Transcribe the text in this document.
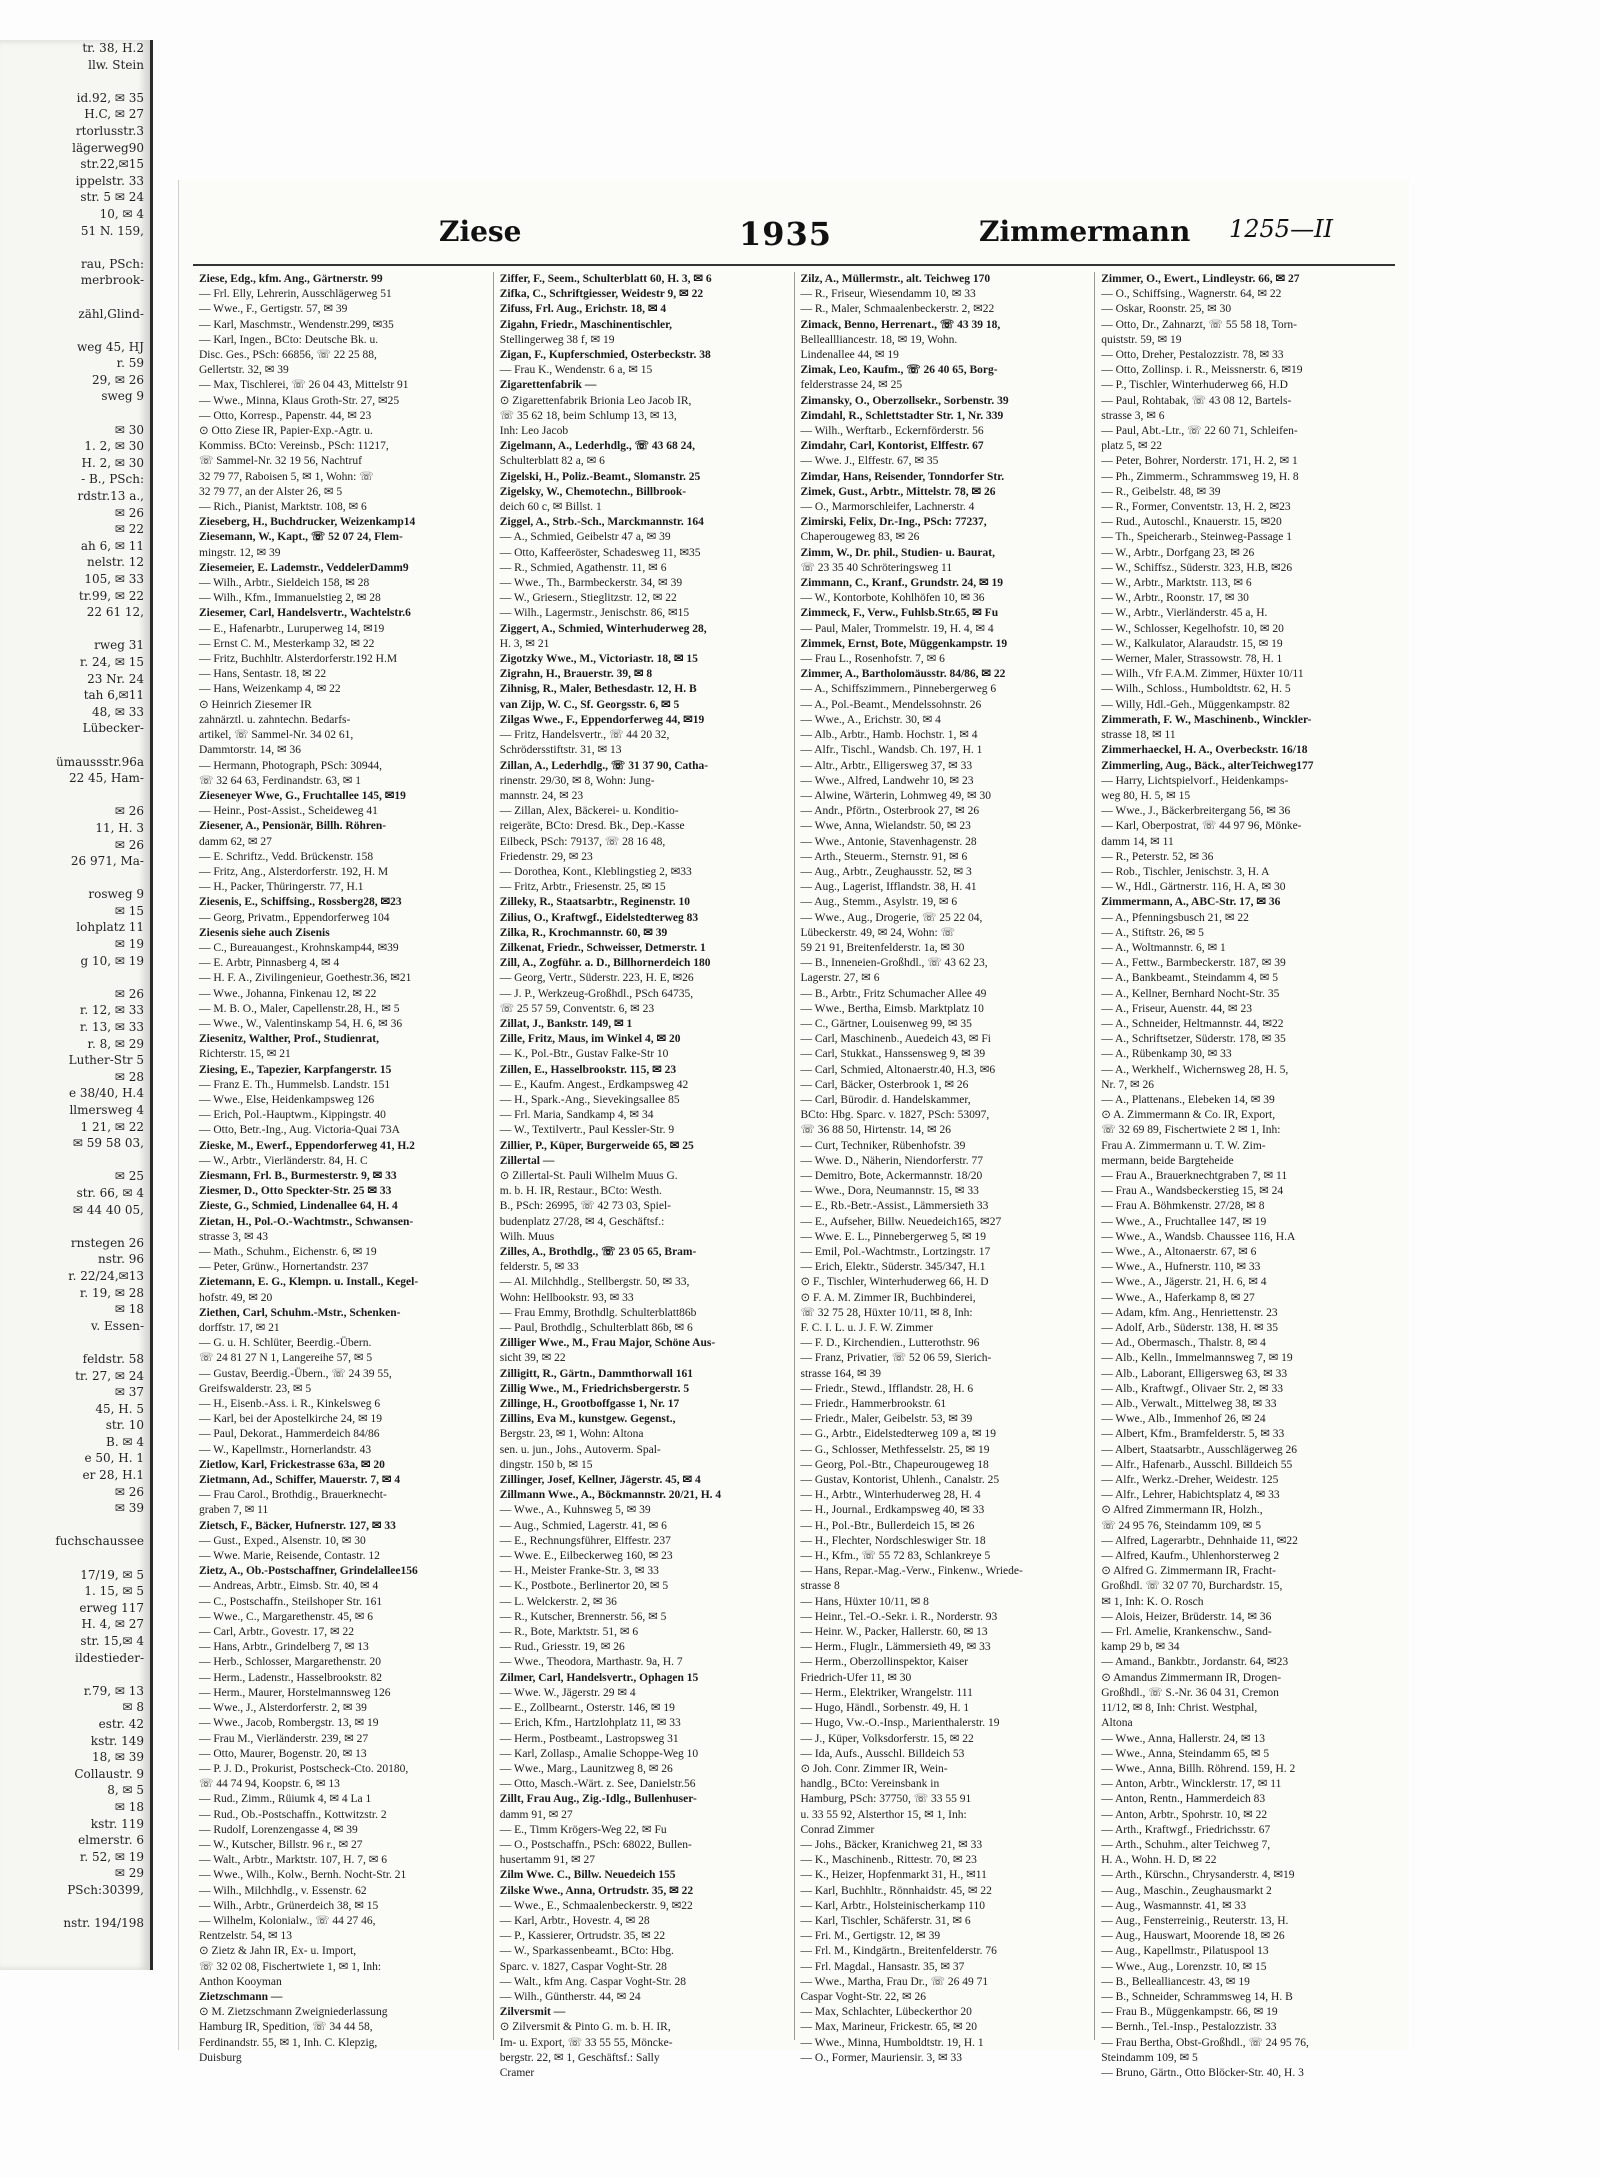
tr. 38, H.2
llw. Stein

id.92, ✉ 35
H.C, ✉ 27
rtorlusstr.3
lägerweg90
str.22,✉15
ippelstr. 33
str. 5 ✉ 24
10, ✉ 4
51 N. 159,

rau, PSch:
merbrook-

zähl,Glind-

weg 45, HJ
r. 59
29, ✉ 26
sweg 9

✉ 30
1. 2, ✉ 30
H. 2, ✉ 30
- B., PSch:
rdstr.13 a.,
✉ 26
✉ 22
ah 6, ✉ 11
nelstr. 12
105, ✉ 33
tr.99, ✉ 22
22 61 12,

rweg 31
r. 24, ✉ 15
23 Nr. 24
tah 6,✉11
48, ✉ 33
Lübecker-

ümaussstr.96a
22 45, Ham-

✉ 26
11, H. 3
✉ 26
26 971, Ma-

rosweg 9
✉ 15
lohplatz 11
✉ 19
g 10, ✉ 19

✉ 26
r. 12, ✉ 33
r. 13, ✉ 33
r. 8, ✉ 29
Luther-Str 5
✉ 28
e 38/40, H.4
llmersweg 4
1 21, ✉ 22
✉ 59 58 03,

✉ 25
str. 66, ✉ 4
✉ 44 40 05,

rnstegen 26
nstr. 96
r. 22/24,✉13
r. 19, ✉ 28
✉ 18
v. Essen-

feldstr. 58
tr. 27, ✉ 24
✉ 37
45, H. 5
str. 10
B. ✉ 4
e 50, H. 1
er 28, H.1
✉ 26
✉ 39

fuchschaussee

17/19, ✉ 5
1. 15, ✉ 5
erweg 117
H. 4, ✉ 27
str. 15,✉ 4
ildestieder-

r.79, ✉ 13
✉ 8
estr. 42
kstr. 149
18, ✉ 39
Collaustr. 9
8, ✉ 5
✉ 18
kstr. 119
elmerstr. 6
r. 52, ✉ 19
✉ 29
PSch:30399,

nstr. 194/198
Ziese	1935	Zimmermann 1255—II
Ziese, Edg., kfm. Ang., Gärtnerstr. 99
— Frl. Elly, Lehrerin, Ausschlägerweg 51
— Wwe., F., Gertigstr. 57, ✉ 39
— Karl, Maschmstr., Wendenstr.299, ✉35
— Karl, Ingen., BCto: Deutsche Bk. u.
Disc. Ges., PSch: 66856, ☏ 22 25 88,
Gellertstr. 32, ✉ 39
— Max, Tischlerei, ☏ 26 04 43, Mittelstr 91
— Wwe., Minna, Klaus Groth-Str. 27, ✉25
— Otto, Korresp., Papenstr. 44, ✉ 23
⊙ Otto Ziese IR, Papier-Exp.-Agtr. u.
Kommiss. BCto: Vereinsb., PSch: 11217,
☏ Sammel-Nr. 32 19 56, Nachtruf
32 79 77, Raboisen 5, ✉ 1, Wohn: ☏
32 79 77, an der Alster 26, ✉ 5
— Rich., Pianist, Marktstr. 108, ✉ 6
Zieseberg, H., Buchdrucker, Weizenkamp14
Ziesemann, W., Kapt., ☏ 52 07 24, Flem-
mingstr. 12, ✉ 39
Ziesemeier, E. Lademstr., VeddelerDamm9
— Wilh., Arbtr., Sieldeich 158, ✉ 28
— Wilh., Kfm., Immanuelstieg 2, ✉ 28
Ziesemer, Carl, Handelsvertr., Wachtelstr.6
— E., Hafenarbtr., Luruperweg 14, ✉19
— Ernst C. M., Mesterkamp 32, ✉ 22
— Fritz, Buchhltr. Alsterdorferstr.192 H.M
— Hans, Sentastr. 18, ✉ 22
— Hans, Weizenkamp 4, ✉ 22
⊙ Heinrich Ziesemer IR
zahnärztl. u. zahntechn. Bedarfs-
artikel, ☏ Sammel-Nr. 34 02 61,
Dammtorstr. 14, ✉ 36
— Hermann, Photograph, PSch: 30944,
☏ 32 64 63, Ferdinandstr. 63, ✉ 1
Zieseneyer Wwe, G., Fruchtallee 145, ✉19
— Heinr., Post-Assist., Scheideweg 41
Ziesener, A., Pensionär, Billh. Röhren-
damm 62, ✉ 27
— E. Schriftz., Vedd. Brückenstr. 158
— Fritz, Ang., Alsterdorferstr. 192, H. M
— H., Packer, Thüringerstr. 77, H.1
Ziesenis, E., Schiffsing., Rossberg28, ✉23
— Georg, Privatm., Eppendorferweg 104
Ziesenis siehe auch Zisenis
— C., Bureauangest., Krohnskamp44, ✉39
— E. Arbtr, Pinnasberg 4, ✉ 4
— H. F. A., Zivilingenieur, Goethestr.36, ✉21
— Wwe., Johanna, Finkenau 12, ✉ 22
— M. B. O., Maler, Capellenstr.28, H., ✉ 5
— Wwe., W., Valentinskamp 54, H. 6, ✉ 36
Ziesenitz, Walther, Prof., Studienrat,
Richterstr. 15, ✉ 21
Ziesing, E., Tapezier, Karpfangerstr. 15
— Franz E. Th., Hummelsb. Landstr. 151
— Wwe., Else, Heidenkampsweg 126
— Erich, Pol.-Hauptwm., Kippingstr. 40
— Otto, Betr.-Ing., Aug. Victoria-Quai 73A
Zieske, M., Ewerf., Eppendorferweg 41, H.2
— W., Arbtr., Vierländerstr. 84, H. C
Ziesmann, Frl. B., Burmesterstr. 9, ✉ 33
Ziesmer, D., Otto Speckter-Str. 25 ✉ 33
Zieste, G., Schmied, Lindenallee 64, H. 4
Zietan, H., Pol.-O.-Wachtmstr., Schwansen-
strasse 3, ✉ 43
— Math., Schuhm., Eichenstr. 6, ✉ 19
— Peter, Grünw., Hornertandstr. 237
Zietemann, E. G., Klempn. u. Install., Kegel-
hofstr. 49, ✉ 20
Ziethen, Carl, Schuhm.-Mstr., Schenken-
dorffstr. 17, ✉ 21
— G. u. H. Schlüter, Beerdig.-Übern.
☏ 24 81 27 N 1, Langereihe 57, ✉ 5
— Gustav, Beerdig.-Übern., ☏ 24 39 55,
Greifswalderstr. 23, ✉ 5
— H., Eisenb.-Ass. i. R., Kinkelsweg 6
— Karl, bei der Apostelkirche 24, ✉ 19
— Paul, Dekorat., Hammerdeich 84/86
— W., Kapellmstr., Hornerlandstr. 43
Zietlow, Karl, Frickestrasse 63a, ✉ 20
Zietmann, Ad., Schiffer, Mauerstr. 7, ✉ 4
— Frau Carol., Brothdig., Brauerknecht-
graben 7, ✉ 11
Zietsch, F., Bäcker, Hufnerstr. 127, ✉ 33
— Gust., Exped., Alsenstr. 10, ✉ 30
— Wwe. Marie, Reisende, Contastr. 12
Zietz, A., Ob.-Postschaffner, Grindelallee156
— Andreas, Arbtr., Eimsb. Str. 40, ✉ 4
— C., Postschaffn., Steilshoper Str. 161
— Wwe., C., Margarethenstr. 45, ✉ 6
— Carl, Arbtr., Govestr. 17, ✉ 22
— Hans, Arbtr., Grindelberg 7, ✉ 13
— Herb., Schlosser, Margarethenstr. 20
— Herm., Ladenstr., Hasselbrookstr. 82
— Herm., Maurer, Horstelmannsweg 126
— Wwe., J., Alsterdorferstr. 2, ✉ 39
— Wwe., Jacob, Rombergstr. 13, ✉ 19
— Frau M., Vierländerstr. 239, ✉ 27
— Otto, Maurer, Bogenstr. 20, ✉ 13
— P. J. D., Prokurist, Postscheck-Cto. 20180,
☏ 44 74 94, Koopstr. 6, ✉ 13
— Rud., Zimm., Rüiumk 4, ✉ 4 La 1
— Rud., Ob.-Postschaffn., Kottwitzstr. 2
— Rudolf, Lorenzengasse 4, ✉ 39
— W., Kutscher, Billstr. 96 r., ✉ 27
— Walt., Arbtr., Marktstr. 107, H. 7, ✉ 6
— Wwe., Wilh., Kolw., Bernh. Nocht-Str. 21
— Wilh., Milchhdlg., v. Essenstr. 62
— Wilh., Arbtr., Grünerdeich 38, ✉ 15
— Wilhelm, Kolonialw., ☏ 44 27 46,
Rentzelstr. 54, ✉ 13
⊙ Zietz & Jahn IR, Ex- u. Import,
☏ 32 02 08, Fischertwiete 1, ✉ 1, Inh:
Anthon Kooyman
Zietzschmann —
⊙ M. Zietzschmann Zweigniederlassung
Hamburg IR, Spedition, ☏ 34 44 58,
Ferdinandstr. 55, ✉ 1, Inh. C. Klepzig,
Duisburg
Ziffer, F., Seem., Schulterblatt 60, H. 3, ✉ 6
Zifka, C., Schriftgiesser, Weidestr 9, ✉ 22
Zifuss, Frl. Aug., Erichstr. 18, ✉ 4
Zigahn, Friedr., Maschinentischler,
Stellingerweg 38 f, ✉ 19
Zigan, F., Kupferschmied, Osterbeckstr. 38
— Frau K., Wendenstr. 6 a, ✉ 15
Zigarettenfabrik —
⊙ Zigarettenfabrik Brionia Leo Jacob IR,
☏ 35 62 18, beim Schlump 13, ✉ 13,
Inh: Leo Jacob
Zigelmann, A., Lederhdlg., ☏ 43 68 24,
Schulterblatt 82 a, ✉ 6
Zigelski, H., Poliz.-Beamt., Slomanstr. 25
Zigelsky, W., Chemotechn., Billbrook-
deich 60 c, ✉ Billst. 1
Ziggel, A., Strb.-Sch., Marckmannstr. 164
— A., Schmied, Geibelstr 47 a, ✉ 39
— Otto, Kaffeeröster, Schadesweg 11, ✉35
— R., Schmied, Agathenstr. 11, ✉ 6
— Wwe., Th., Barmbeckerstr. 34, ✉ 39
— W., Griesern., Stieglitzstr. 12, ✉ 22
— Wilh., Lagermstr., Jenischstr. 86, ✉15
Ziggert, A., Schmied, Winterhuderweg 28,
H. 3, ✉ 21
Zigotzky Wwe., M., Victoriastr. 18, ✉ 15
Zigrahn, H., Brauerstr. 39, ✉ 8
Zihnisg, R., Maler, Bethesdastr. 12, H. B
van Zijp, W. C., Sf. Georgsstr. 6, ✉ 5
Zilgas Wwe., F., Eppendorferweg 44, ✉19
— Fritz, Handelsvertr., ☏ 44 20 32,
Schrödersstiftstr. 31, ✉ 13
Zillan, A., Lederhdlg., ☏ 31 37 90, Catha-
rinenstr. 29/30, ✉ 8, Wohn: Jung-
mannstr. 24, ✉ 23
— Zillan, Alex, Bäckerei- u. Konditio-
reigeräte, BCto: Dresd. Bk., Dep.-Kasse
Eilbeck, PSch: 79137, ☏ 28 16 48,
Friedenstr. 29, ✉ 23
— Dorothea, Kont., Kleblingstieg 2, ✉33
— Fritz, Arbtr., Friesenstr. 25, ✉ 15
Zilleky, R., Staatsarbtr., Reginenstr. 10
Zilius, O., Kraftwgf., Eidelstedterweg 83
Zilka, R., Krochmannstr. 60, ✉ 39
Zilkenat, Friedr., Schweisser, Detmerstr. 1
Zill, A., Zogführ. a. D., Billhornerdeich 180
— Georg, Vertr., Süderstr. 223, H. E, ✉26
— J. P., Werkzeug-Großhdl., PSch 64735,
☏ 25 57 59, Conventstr. 6, ✉ 23
Zillat, J., Bankstr. 149, ✉ 1
Zille, Fritz, Maus, im Winkel 4, ✉ 20
— K., Pol.-Btr., Gustav Falke-Str 10
Zillen, E., Hasselbrookstr. 115, ✉ 23
— E., Kaufm. Angest., Erdkampsweg 42
— H., Spark.-Ang., Sievekingsallee 85
— Frl. Maria, Sandkamp 4, ✉ 34
— W., Textilvertr., Paul Kessler-Str. 9
Zillier, P., Küper, Burgerweide 65, ✉ 25
Zillertal —
⊙ Zillertal-St. Pauli Wilhelm Muus G.
m. b. H. IR, Restaur., BCto: Westh.
B., PSch: 26995, ☏ 42 73 03, Spiel-
budenplatz 27/28, ✉ 4, Geschäftsf.:
Wilh. Muus
Zilles, A., Brothdlg., ☏ 23 05 65, Bram-
felderstr. 5, ✉ 33
— Al. Milchhdlg., Stellbergstr. 50, ✉ 33,
Wohn: Hellbookstr. 93, ✉ 33
— Frau Emmy, Brothdlg. Schulterblatt86b
— Paul, Brothdlg., Schulterblatt 86b, ✉ 6
Zilliger Wwe., M., Frau Major, Schöne Aus-
sicht 39, ✉ 22
Zilligitt, R., Gärtn., Dammthorwall 161
Zillig Wwe., M., Friedrichsbergerstr. 5
Zillinge, H., Grootboffgasse 1, Nr. 17
Zillins, Eva M., kunstgew. Gegenst.,
Bergstr. 23, ✉ 1, Wohn: Altona
sen. u. jun., Johs., Autoverm. Spal-
dingstr. 150 b, ✉ 15
Zillinger, Josef, Kellner, Jägerstr. 45, ✉ 4
Zillmann Wwe., A., Böckmannstr. 20/21, H. 4
— Wwe., A., Kuhnsweg 5, ✉ 39
— Aug., Schmied, Lagerstr. 41, ✉ 6
— E., Rechnungsführer, Elffestr. 237
— Wwe. E., Eilbeckerweg 160, ✉ 23
— H., Meister Franke-Str. 3, ✉ 33
— K., Postbote., Berlinertor 20, ✉ 5
— L. Welckerstr. 2, ✉ 36
— R., Kutscher, Brennerstr. 56, ✉ 5
— R., Bote, Marktstr. 51, ✉ 6
— Rud., Griesstr. 19, ✉ 26
— Wwe., Theodora, Marthastr. 9a, H. 7
Zilmer, Carl, Handelsvertr., Ophagen 15
— Wwe. W., Jägerstr. 29 ✉ 4
— E., Zollbearnt., Osterstr. 146, ✉ 19
— Erich, Kfm., Hartzlohplatz 11, ✉ 33
— Herm., Postbeamt., Lastropsweg 31
— Karl, Zollasp., Amalie Schoppe-Weg 10
— Wwe., Marg., Launitzweg 8, ✉ 26
— Otto, Masch.-Wärt. z. See, Danielstr.56
Zillt, Frau Aug., Zig.-Idlg., Bullenhuser-
damm 91, ✉ 27
— E., Timm Krögers-Weg 22, ✉ Fu
— O., Postschaffn., PSch: 68022, Bullen-
husertamm 91, ✉ 27
Zilm Wwe. C., Billw. Neuedeich 155
Zilske Wwe., Anna, Ortrudstr. 35, ✉ 22
— Wwe., E., Schmaalenbeckerstr. 9, ✉22
— Karl, Arbtr., Hovestr. 4, ✉ 28
— P., Kassierer, Ortrudstr. 35, ✉ 22
— W., Sparkassenbeamt., BCto: Hbg.
Sparc. v. 1827, Caspar Voght-Str. 28
— Walt., kfm Ang. Caspar Voght-Str. 28
— Wilh., Güntherstr. 44, ✉ 24
Zilversmit —
⊙ Zilversmit & Pinto G. m. b. H. IR,
Im- u. Export, ☏ 33 55 55, Mönckе-
bergstr. 22, ✉ 1, Geschäftsf.: Sally
Cramer
Zilz, A., Müllermstr., alt. Teichweg 170
— R., Friseur, Wiesendamm 10, ✉ 33
— R., Maler, Schmaalenbeckerstr. 2, ✉22
Zimack, Benno, Herrenart., ☏ 43 39 18,
Belleallliancestr. 18, ✉ 19, Wohn.
Lindenallee 44, ✉ 19
Zimak, Leo, Kaufm., ☏ 26 40 65, Borg-
felderstrasse 24, ✉ 25
Zimansky, O., Oberzollsekr., Sorbenstr. 39
Zimdahl, R., Schlettstadter Str. 1, Nr. 339
— Wilh., Werftarb., Eckernförderstr. 56
Zimdahr, Carl, Kontorist, Elffestr. 67
— Wwe. J., Elffestr. 67, ✉ 35
Zimdar, Hans, Reisender, Tonndorfer Str.
Zimek, Gust., Arbtr., Mittelstr. 78, ✉ 26
— O., Marmorschleifer, Lachnerstr. 4
Zimirski, Felix, Dr.-Ing., PSch: 77237,
Chaperougeweg 83, ✉ 26
Zimm, W., Dr. phil., Studien- u. Baurat,
☏ 23 35 40 Schröteringsweg 11
Zimmann, C., Kranf., Grundstr. 24, ✉ 19
— W., Kontorbote, Kohlhöfen 10, ✉ 36
Zimmeck, F., Verw., Fuhlsb.Str.65, ✉ Fu
— Paul, Maler, Trommelstr. 19, H. 4, ✉ 4
Zimmek, Ernst, Bote, Müggenkampstr. 19
— Frau L., Rosenhofstr. 7, ✉ 6
Zimmer, A., Bartholomäusstr. 84/86, ✉ 22
— A., Schiffszimmern., Pinnebergerweg 6
— A., Pol.-Beamt., Mendelssohnstr. 26
— Wwe., A., Erichstr. 30, ✉ 4
— Alb., Arbtr., Hamb. Hochstr. 1, ✉ 4
— Alfr., Tischl., Wandsb. Ch. 197, H. 1
— Altr., Arbtr., Elligersweg 37, ✉ 33
— Wwe., Alfred, Landwehr 10, ✉ 23
— Alwine, Wärterin, Lohmweg 49, ✉ 30
— Andr., Pförtn., Osterbrook 27, ✉ 26
— Wwe, Anna, Wielandstr. 50, ✉ 23
— Wwe., Antonie, Stavenhagenstr. 28
— Arth., Steuerm., Sternstr. 91, ✉ 6
— Aug., Arbtr., Zeughausstr. 52, ✉ 3
— Aug., Lagerist, Ifflandstr. 38, H. 41
— Aug., Stemm., Asylstr. 19, ✉ 6
— Wwe., Aug., Drogerie, ☏ 25 22 04,
Lübeckerstr. 49, ✉ 24, Wohn: ☏
59 21 91, Breitenfelderstr. 1a, ✉ 30
— B., Inneneien-Großhdl., ☏ 43 62 23,
Lagerstr. 27, ✉ 6
— B., Arbtr., Fritz Schumacher Allee 49
— Wwe., Bertha, Eimsb. Marktplatz 10
— C., Gärtner, Louisenweg 99, ✉ 35
— Carl, Maschinenb., Auedeich 43, ✉ Fi
— Carl, Stukkat., Hanssensweg 9, ✉ 39
— Carl, Schmied, Altonaerstr.40, H.3, ✉6
— Carl, Bäcker, Osterbrook 1, ✉ 26
— Carl, Bürodir. d. Handelskammer,
BCto: Hbg. Sparc. v. 1827, PSch: 53097,
☏ 36 88 50, Hirtenstr. 14, ✉ 26
— Curt, Techniker, Rübenhofstr. 39
— Wwe. D., Näherin, Niendorferstr. 77
— Demitro, Bote, Ackermannstr. 18/20
— Wwe., Dora, Neumannstr. 15, ✉ 33
— E., Rb.-Betr.-Assist., Lämmersieth 33
— E., Aufseher, Billw. Neuedeich165, ✉27
— Wwe. E. L., Pinnebergerweg 5, ✉ 19
— Emil, Pol.-Wachtmstr., Lortzingstr. 17
— Erich, Elektr., Süderstr. 345/347, H.1
⊙ F., Tischler, Winterhuderweg 66, H. D
⊙ F. A. M. Zimmer IR, Buchbinderei,
☏ 32 75 28, Hüxter 10/11, ✉ 8, Inh:
F. C. I. L. u. J. F. W. Zimmer
— F. D., Kirchendien., Lutterothstr. 96
— Franz, Privatier, ☏ 52 06 59, Sierich-
strasse 164, ✉ 39
— Friedr., Stewd., Ifflandstr. 28, H. 6
— Friedr., Hammerbrookstr. 61
— Friedr., Maler, Geibelstr. 53, ✉ 39
— G., Arbtr., Eidelstedterweg 109 a, ✉ 19
— G., Schlosser, Methfesselstr. 25, ✉ 19
— Georg, Pol.-Btr., Chapeurougeweg 18
— Gustav, Kontorist, Uhlenh., Canalstr. 25
— H., Arbtr., Winterhuderweg 28, H. 4
— H., Journal., Erdkampsweg 40, ✉ 33
— H., Pol.-Btr., Bullerdeich 15, ✉ 26
— H., Flechter, Nordschleswiger Str. 18
— H., Kfm., ☏ 55 72 83, Schlankreye 5
— Hans, Repar.-Mag.-Verw., Finkenw., Wriede-
strasse 8
— Hans, Hüxter 10/11, ✉ 8
— Heinr., Tel.-O.-Sekr. i. R., Norderstr. 93
— Heinr. W., Packer, Hallerstr. 60, ✉ 13
— Herm., Fluglr., Lämmersieth 49, ✉ 33
— Herm., Oberzollinspektor, Kaiser
Friedrich-Ufer 11, ✉ 30
— Herm., Elektriker, Wrangelstr. 111
— Hugo, Händl., Sorbenstr. 49, H. 1
— Hugo, Vw.-O.-Insp., Marienthalerstr. 19
— J., Küper, Volksdorferstr. 15, ✉ 22
— Ida, Aufs., Ausschl. Billdeich 53
⊙ Joh. Conr. Zimmer IR, Wein-
handlg., BCto: Vereinsbank in
Hamburg, PSch: 37750, ☏ 33 55 91
u. 33 55 92, Alsterthor 15, ✉ 1, Inh:
Conrad Zimmer
— Johs., Bäcker, Kranichweg 21, ✉ 33
— K., Maschinenb., Rittestr. 70, ✉ 23
— K., Heizer, Hopfenmarkt 31, H., ✉11
— Karl, Buchhltr., Rönnhaidstr. 45, ✉ 22
— Karl, Arbtr., Holsteinischerkamp 110
— Karl, Tischler, Schäferstr. 31, ✉ 6
— Fri. M., Gertigstr. 12, ✉ 39
— Frl. M., Kindgärtn., Breitenfelderstr. 76
— Frl. Magdal., Hansastr. 35, ✉ 37
— Wwe., Martha, Frau Dr., ☏ 26 49 71
Caspar Voght-Str. 22, ✉ 26
— Max, Schlachter, Lübeckerthor 20
— Max, Marineur, Frickestr. 65, ✉ 20
— Wwe., Minna, Humboldtstr. 19, H. 1
— O., Former, Mauriensir. 3, ✉ 33
Zimmer, O., Ewert., Lindleystr. 66, ✉ 27
— O., Schiffsing., Wagnerstr. 64, ✉ 22
— Oskar, Roonstr. 25, ✉ 30
— Otto, Dr., Zahnarzt, ☏ 55 58 18, Torn-
quiststr. 59, ✉ 19
— Otto, Dreher, Pestalozzistr. 78, ✉ 33
— Otto, Zollinsp. i. R., Meissnerstr. 6, ✉19
— P., Tischler, Winterhuderweg 66, H.D
— Paul, Rohtabak, ☏ 43 08 12, Bartels-
strasse 3, ✉ 6
— Paul, Abt.-Ltr., ☏ 22 60 71, Schleifen-
platz 5, ✉ 22
— Peter, Bohrer, Norderstr. 171, H. 2, ✉ 1
— Ph., Zimmerm., Schrammsweg 19, H. 8
— R., Geibelstr. 48, ✉ 39
— R., Former, Conventstr. 13, H. 2, ✉23
— Rud., Autoschl., Knauerstr. 15, ✉20
— Th., Speicherarb., Steinweg-Passage 1
— W., Arbtr., Dorfgang 23, ✉ 26
— W., Schiffsz., Süderstr. 323, H.B, ✉26
— W., Arbtr., Marktstr. 113, ✉ 6
— W., Arbtr., Roonstr. 17, ✉ 30
— W., Arbtr., Vierländerstr. 45 a, H.
— W., Schlosser, Kegelhofstr. 10, ✉ 20
— W., Kalkulator, Alaraudstr. 15, ✉ 19
— Werner, Maler, Strassowstr. 78, H. 1
— Wilh., Vfr F.A.M. Zimmer, Hüxter 10/11
— Wilh., Schloss., Humboldtstr. 62, H. 5
— Willy, Hdl.-Geh., Müggenkampstr. 82
Zimmerath, F. W., Maschinenb., Winckler-
strasse 18, ✉ 11
Zimmerhaeckel, H. A., Overbeckstr. 16/18
Zimmerling, Aug., Bäck., alterTeichweg177
— Harry, Lichtspielvorf., Heidenkamps-
weg 80, H. 5, ✉ 15
— Wwe., J., Bäckerbreitergang 56, ✉ 36
— Karl, Oberpostrat, ☏ 44 97 96, Mönke-
damm 14, ✉ 11
— R., Peterstr. 52, ✉ 36
— Rob., Tischler, Jenischstr. 3, H. A
— W., Hdl., Gärtnerstr. 116, H. A, ✉ 30
Zimmermann, A., ABC-Str. 17, ✉ 36
— A., Pfenningsbusch 21, ✉ 22
— A., Stiftstr. 26, ✉ 5
— A., Woltmannstr. 6, ✉ 1
— A., Fettw., Barmbeckerstr. 187, ✉ 39
— A., Bankbeamt., Steindamm 4, ✉ 5
— A., Kellner, Bernhard Nocht-Str. 35
— A., Friseur, Auenstr. 44, ✉ 23
— A., Schneider, Heltmannstr. 44, ✉22
— A., Schriftsetzer, Süderstr. 178, ✉ 35
— A., Rübenkamp 30, ✉ 33
— A., Werkhelf., Wichernsweg 28, H. 5,
Nr. 7, ✉ 26
— A., Plattenans., Elebeken 14, ✉ 39
⊙ A. Zimmermann & Co. IR, Export,
☏ 32 69 89, Fischertwiete 2 ✉ 1, Inh:
Frau A. Zimmermann u. T. W. Zim-
mermann, beide Bargteheide
— Frau A., Brauerknechtgraben 7, ✉ 11
— Frau A., Wandsbeckerstieg 15, ✉ 24
— Frau A. Böhmkenstr. 27/28, ✉ 8
— Wwe., A., Fruchtallee 147, ✉ 19
— Wwe., A., Wandsb. Chaussee 116, H.A
— Wwe., A., Altonaerstr. 67, ✉ 6
— Wwe., A., Hufnerstr. 110, ✉ 33
— Wwe., A., Jägerstr. 21, H. 6, ✉ 4
— Wwe., A., Haferkamp 8, ✉ 27
— Adam, kfm. Ang., Henriettenstr. 23
— Adolf, Arb., Süderstr. 138, H. ✉ 35
— Ad., Obermasch., Thalstr. 8, ✉ 4
— Alb., Kelln., Immelmannsweg 7, ✉ 19
— Alb., Laborant, Elligersweg 63, ✉ 33
— Alb., Kraftwgf., Olivaer Str. 2, ✉ 33
— Alb., Verwalt., Mittelweg 38, ✉ 33
— Wwe., Alb., Immenhof 26, ✉ 24
— Albert, Kfm., Bramfelderstr. 5, ✉ 33
— Albert, Staatsarbtr., Ausschlägerweg 26
— Alfr., Hafenarb., Ausschl. Billdeich 55
— Alfr., Werkz.-Dreher, Weidestr. 125
— Alfr., Lehrer, Habichtsplatz 4, ✉ 33
⊙ Alfred Zimmermann IR, Holzh.,
☏ 24 95 76, Steindamm 109, ✉ 5
— Alfred, Lagerarbtr., Dehnhaide 11, ✉22
— Alfred, Kaufm., Uhlenhorsterweg 2
⊙ Alfred G. Zimmermann IR, Fracht-
Großhdl. ☏ 32 07 70, Burchardstr. 15,
✉ 1, Inh: K. O. Rosch
— Alois, Heizer, Brüderstr. 14, ✉ 36
— Frl. Amelie, Krankenschw., Sand-
kamp 29 b, ✉ 34
— Amand., Bankbtr., Jordanstr. 64, ✉23
⊙ Amandus Zimmermann IR, Drogen-
Großhdl., ☏ S.-Nr. 36 04 31, Cremon
11/12, ✉ 8, Inh: Christ. Westphal,
Altona
— Wwe., Anna, Hallerstr. 24, ✉ 13
— Wwe., Anna, Steindamm 65, ✉ 5
— Wwe., Anna, Billh. Röhrend. 159, H. 2
— Anton, Arbtr., Wincklerstr. 17, ✉ 11
— Anton, Rentn., Hammerdeich 83
— Anton, Arbtr., Spohrstr. 10, ✉ 22
— Arth., Kraftwgf., Friedrichsstr. 67
— Arth., Schuhm., alter Teichweg 7,
H. A., Wohn. H. D, ✉ 22
— Arth., Kürschn., Chrysanderstr. 4, ✉19
— Aug., Maschin., Zeughausmarkt 2
— Aug., Wasmannstr. 41, ✉ 33
— Aug., Fensterreinig., Reuterstr. 13, H.
— Aug., Hauswart, Moorende 18, ✉ 26
— Aug., Kapellmstr., Pilatuspool 13
— Wwe., Aug., Lorenzstr. 10, ✉ 15
— B., Bellealliancestr. 43, ✉ 19
— B., Schneider, Schrammsweg 14, H. B
— Frau B., Müggenkampstr. 66, ✉ 19
— Bernh., Tel.-Insp., Pestalozzistr. 33
— Frau Bertha, Obst-Großhdl., ☏ 24 95 76,
Steindamm 109, ✉ 5
— Bruno, Gärtn., Otto Blöcker-Str. 40, H. 3
